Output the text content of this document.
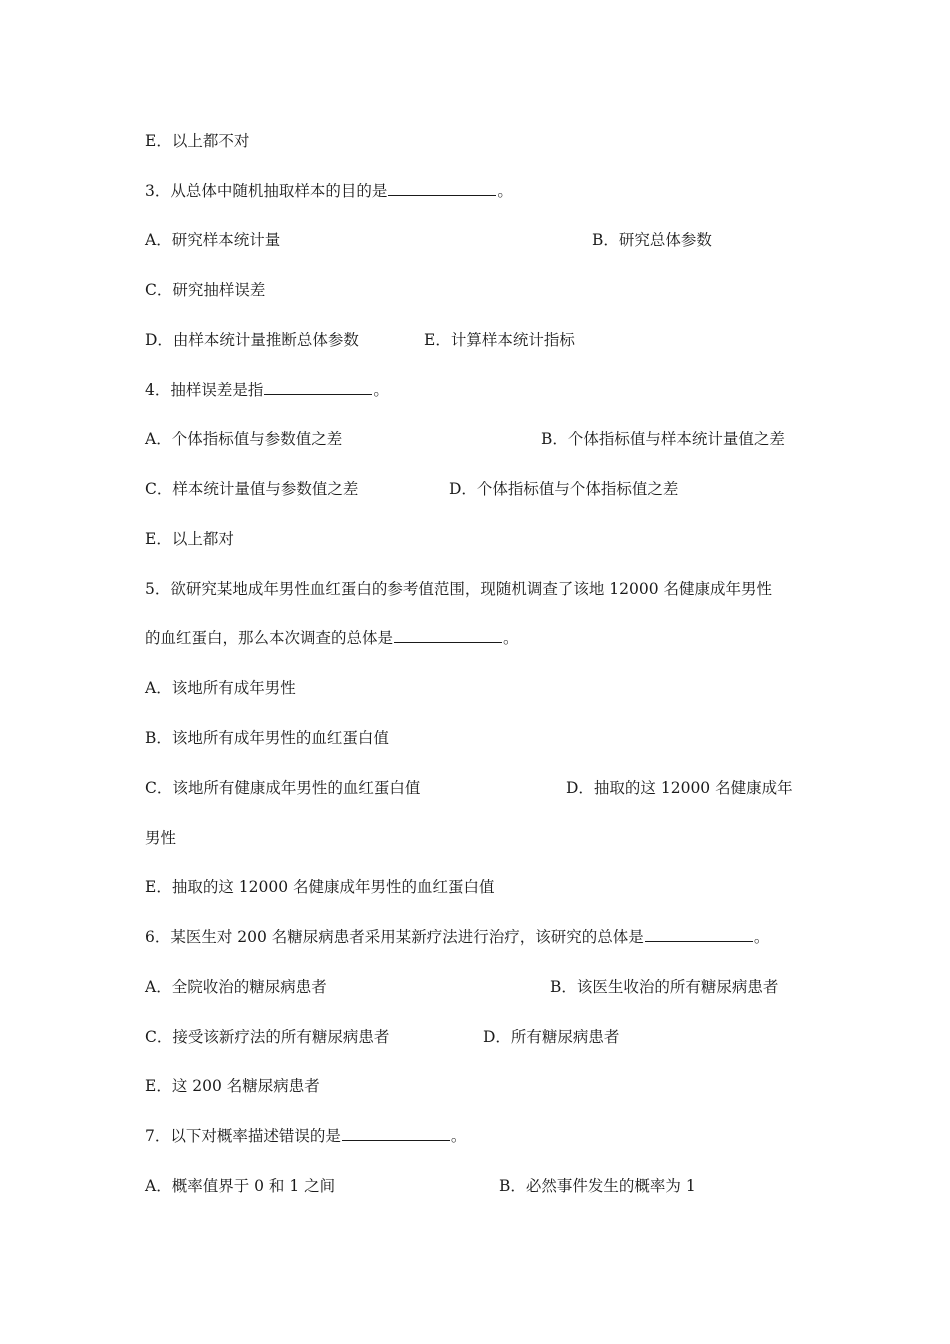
E．以上都不对
3．从总体中随机抽取样本的目的是	。
A．研究样本统计量	B．研究总体参数
C．研究抽样误差
D．由样本统计量推断总体参数	E．计算样本统计指标
4．抽样误差是指	。
A．个体指标值与参数值之差	B．个体指标值与样本统计量值之差
C．样本统计量值与参数值之差	D．个体指标值与个体指标值之差
E．以上都对
5．欲研究某地成年男性血红蛋白的参考值范围，现随机调查了该地 12000 名健康成年男性
的血红蛋白，那么本次调查的总体是	。
A．该地所有成年男性
B．该地所有成年男性的血红蛋白值
C．该地所有健康成年男性的血红蛋白值	D．抽取的这 12000 名健康成年
男性
E．抽取的这 12000 名健康成年男性的血红蛋白值
6．某医生对 200 名糖尿病患者采用某新疗法进行治疗，该研究的总体是	。
A．全院收治的糖尿病患者	B．该医生收治的所有糖尿病患者
C．接受该新疗法的所有糖尿病患者	D．所有糖尿病患者
E．这 200 名糖尿病患者
7．以下对概率描述错误的是	。
A．概率值界于 0 和 1 之间	B．必然事件发生的概率为 1
